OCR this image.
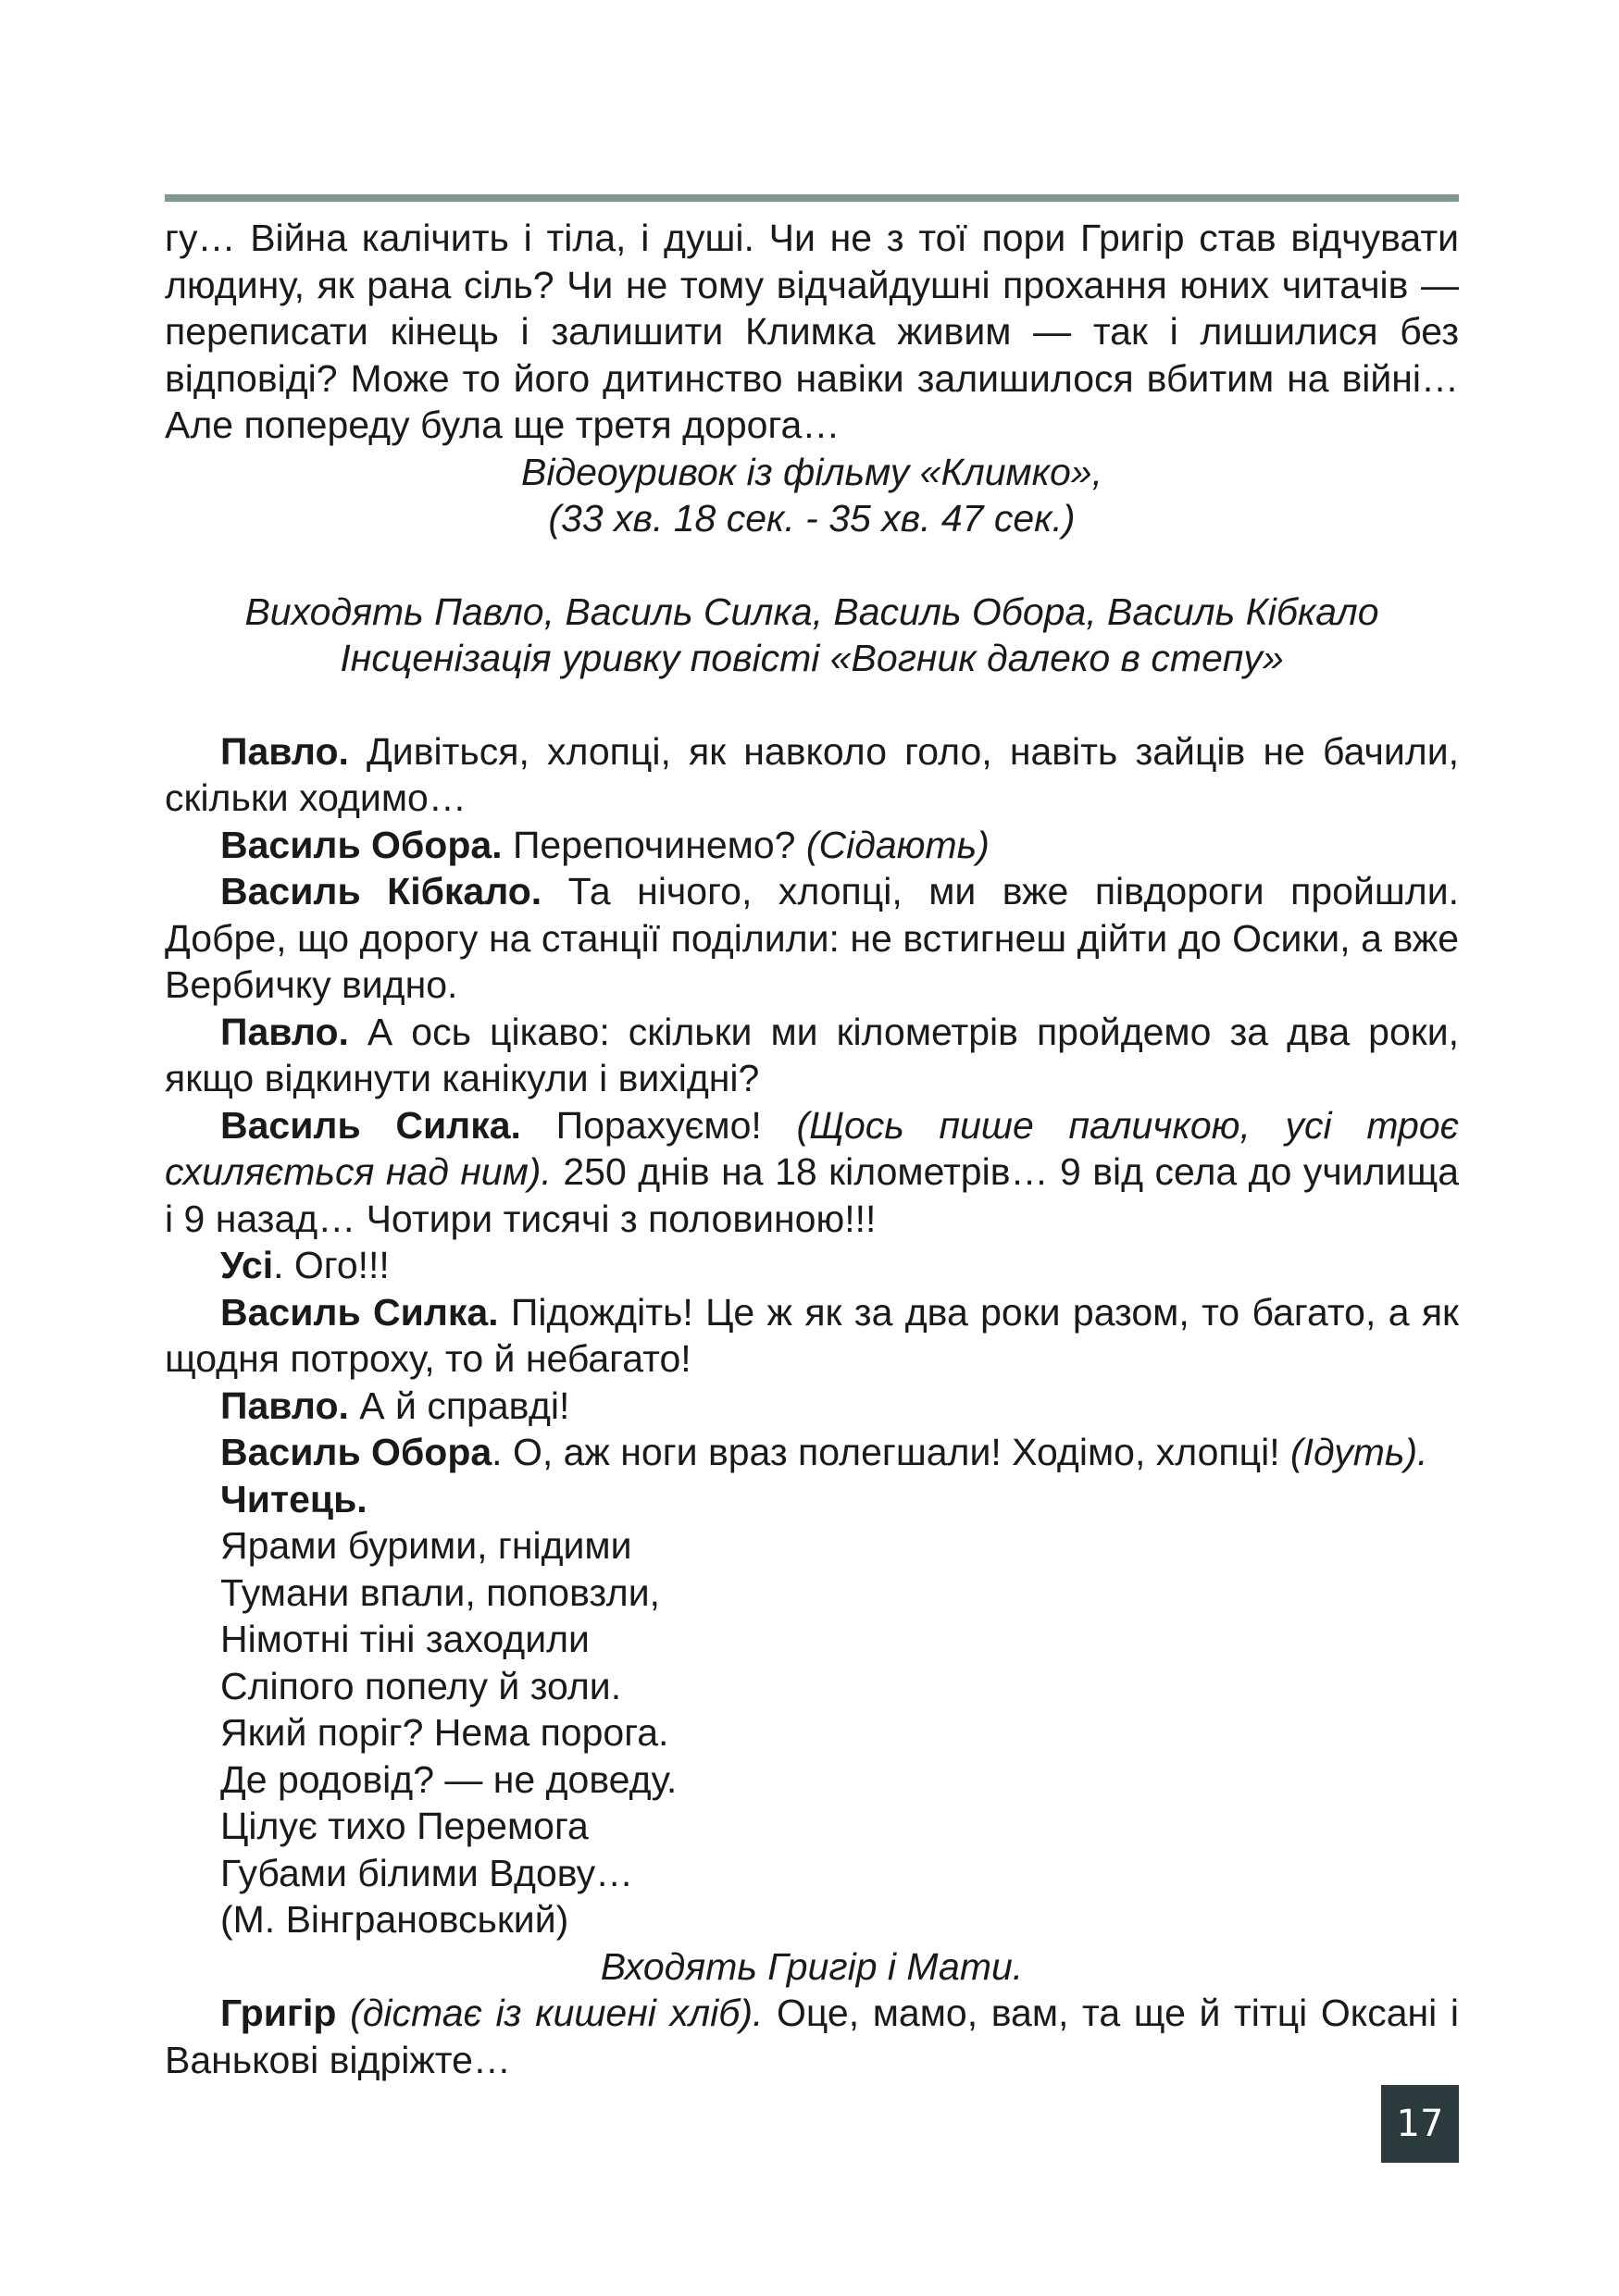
гу… Війна калічить і тіла, і душі. Чи не з тої пори Григір став відчувати людину, як рана сіль? Чи не тому відчайдушні прохання юних читачів — переписати кінець і залишити Климка живим — так і лишилися без відповіді? Може то його дитинство навіки залишилося вбитим на війні… Але попереду була ще третя дорога…

Відеоуривок із фільму «Климко»,

(33 хв. 18 сек. - 35 хв. 47 сек.)

Виходять Павло, Василь Силка, Василь Обора, Василь Кібкало

Інсценізація уривку повісті «Вогник далеко в степу»

Павло. Дивіться, хлопці, як навколо голо, навіть зайців не бачили, скільки ходимо…

Василь Обора. Перепочинемо? (Сідають)

Василь Кібкало. Та нічого, хлопці, ми вже півдороги пройшли. Добре, що дорогу на станції поділили: не встигнеш дійти до Осики, а вже Вербичку видно.

Павло. А ось цікаво: скільки ми кілометрів пройдемо за два роки, якщо відкинути канікули і вихідні?

Василь Силка. Порахуємо! (Щось пише паличкою, усі троє схиляється над ним). 250 днів на 18 кілометрів… 9 від села до училища і 9 назад… Чотири тисячі з половиною!!!

Усі. Ого!!!

Василь Силка. Підождіть! Це ж як за два роки разом, то багато, а як щодня потроху, то й небагато!

Павло. А й справді!

Василь Обора. О, аж ноги враз полегшали! Ходімо, хлопці! (Ідуть).

Читець.

Ярами бурими, гнідими

Тумани впали, поповзли,

Німотні тіні заходили

Сліпого попелу й золи.

Який поріг? Нема порога.

Де родовід? — не доведу.

Цілує тихо Перемога

Губами білими Вдову…

(М. Вінграновський)

Входять Григір і Мати.

Григір (дістає із кишені хліб). Оце, мамо, вам, та ще й тітці Оксані і Ванькові відріжте…

17
